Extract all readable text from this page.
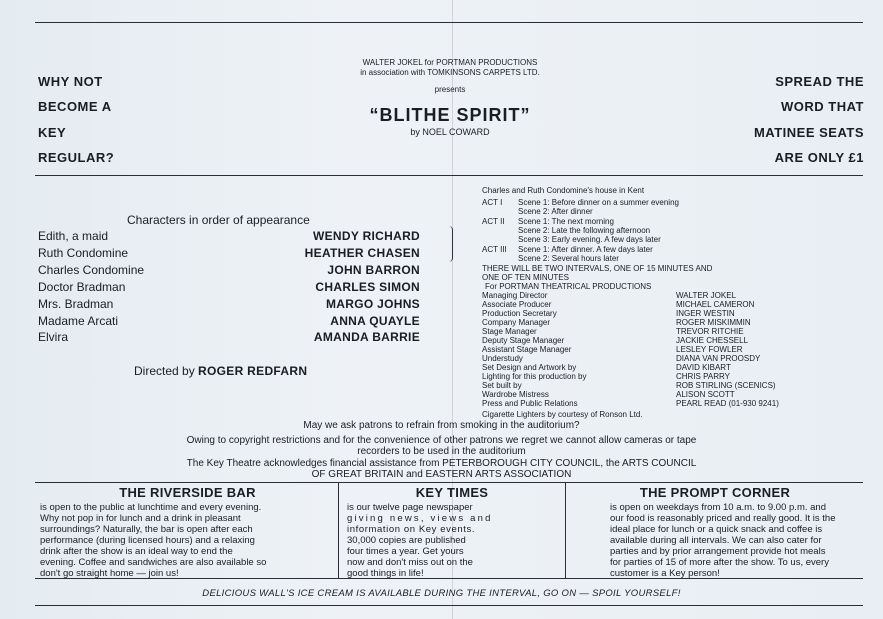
WHY NOT
BECOME A
KEY
REGULAR?
SPREAD THE
WORD THAT
MATINEE SEATS
ARE ONLY £1
WALTER JOKEL for PORTMAN PRODUCTIONS
in association with TOMKINSONS CARPETS LTD.
presents
“BLITHE SPIRIT”
by NOEL COWARD
Characters in order of appearance
Edith, a maid	WENDY RICHARD
Ruth Condomine	HEATHER CHASEN
Charles Condomine	JOHN BARRON
Doctor Bradman	CHARLES SIMON
Mrs. Bradman	MARGO JOHNS
Madame Arcati	ANNA QUAYLE
Elvira	AMANDA BARRIE
Directed by ROGER REDFARN
Charles and Ruth Condomine's house in Kent
ACT I Scene 1: Before dinner on a summer evening
Scene 2: After dinner
ACT II Scene 1: The next morning
Scene 2: Late the following afternoon
Scene 3: Early evening. A few days later
ACT III Scene 1: After dinner. A few days later
Scene 2: Several hours later
THERE WILL BE TWO INTERVALS, ONE OF 15 MINUTES AND
ONE OF TEN MINUTES
For PORTMAN THEATRICAL PRODUCTIONS
Managing Director	WALTER JOKEL
Associate Producer	MICHAEL CAMERON
Production Secretary	INGER WESTIN
Company Manager	ROGER MISKIMMIN
Stage Manager	TREVOR RITCHIE
Deputy Stage Manager	JACKIE CHESSELL
Assistant Stage Manager	LESLEY FOWLER
Understudy	DIANA VAN PROOSDY
Set Design and Artwork by	DAVID KIBART
Lighting for this production by	CHRIS PARRY
Set built by	ROB STIRLING (SCENICS)
Wardrobe Mistress	ALISON SCOTT
Press and Public Relations	PEARL READ (01-930 9241)
Cigarette Lighters by courtesy of Ronson Ltd.
May we ask patrons to refrain from smoking in the auditorium?
Owing to copyright restrictions and for the convenience of other patrons we regret we cannot allow cameras or tape
recorders to be used in the auditorium
The Key Theatre acknowledges financial assistance from PETERBOROUGH CITY COUNCIL, the ARTS COUNCIL
OF GREAT BRITAIN and EASTERN ARTS ASSOCIATION
THE RIVERSIDE BAR
is open to the public at lunchtime and every evening.
Why not pop in for lunch and a drink in pleasant
surroundings? Naturally, the bar is open after each
performance (during licensed hours) and a relaxing
drink after the show is an ideal way to end the
evening. Coffee and sandwiches are also available so
don't go straight home — join us!
KEY TIMES
is our twelve page newspaper
giving news, views and
information on Key events.
30,000 copies are published
four times a year. Get yours
now and don't miss out on the
good things in life!
THE PROMPT CORNER
is open on weekdays from 10 a.m. to 9.00 p.m. and
our food is reasonably priced and really good. It is the
ideal place for lunch or a quick snack and coffee is
available during all intervals. We can also cater for
parties and by prior arrangement provide hot meals
for parties of 15 of more after the show. To us, every
customer is a Key person!
DELICIOUS WALL'S ICE CREAM IS AVAILABLE DURING THE INTERVAL, GO ON — SPOIL YOURSELF!
